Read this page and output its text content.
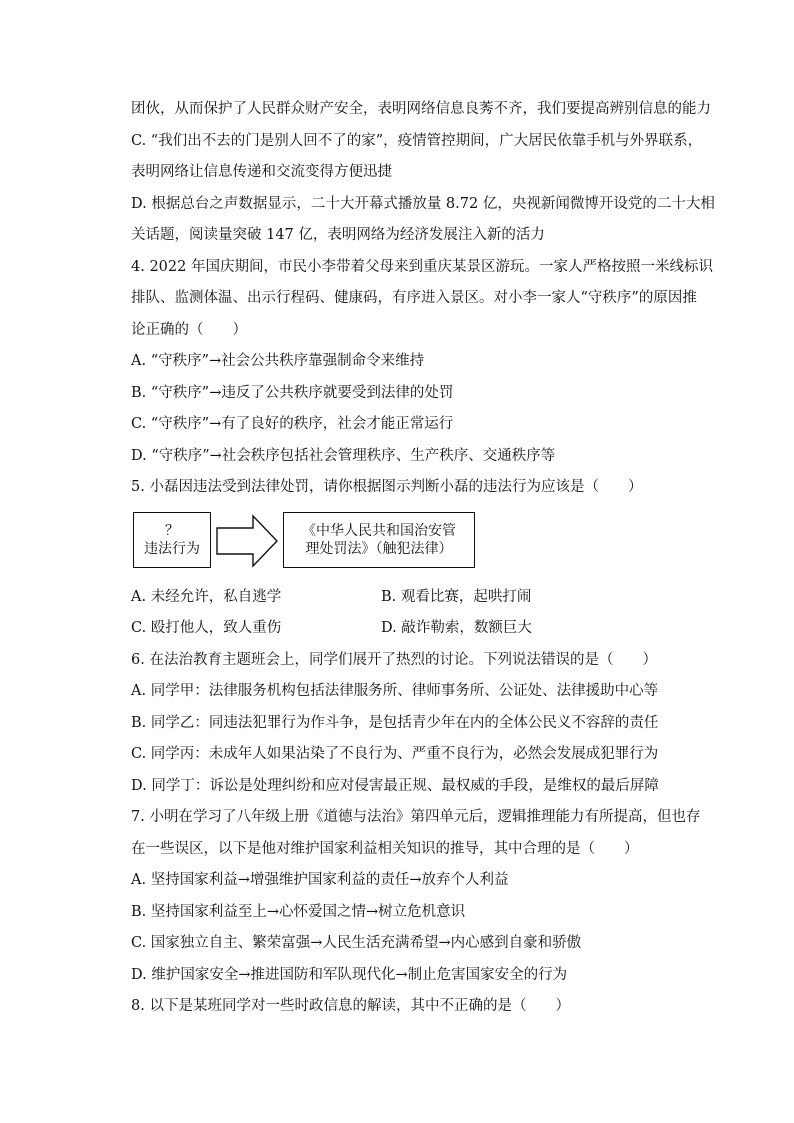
团伙，从而保护了人民群众财产安全，表明网络信息良莠不齐，我们要提高辨别信息的能力
C. “我们出不去的门是别人回不了的家”，疫情管控期间，广大居民依靠手机与外界联系，
表明网络让信息传递和交流变得方便迅捷
D. 根据总台之声数据显示，二十大开幕式播放量 8.72 亿，央视新闻微博开设党的二十大相
关话题，阅读量突破 147 亿，表明网络为经济发展注入新的活力
4. 2022 年国庆期间，市民小李带着父母来到重庆某景区游玩。一家人严格按照一米线标识
排队、监测体温、出示行程码、健康码，有序进入景区。对小李一家人“守秩序”的原因推
论正确的（　　）
A. “守秩序”→社会公共秩序靠强制命令来维持
B. “守秩序”→违反了公共秩序就要受到法律的处罚
C. “守秩序”→有了良好的秩序，社会才能正常运行
D. “守秩序”→社会秩序包括社会管理秩序、生产秩序、交通秩序等
5. 小磊因违法受到法律处罚，请你根据图示判断小磊的违法行为应该是（　　）
？
违法行为
《中华人民共和国治安管
理处罚法》（触犯法律）
A. 未经允许，私自逃学	B. 观看比赛，起哄打闹
C. 殴打他人，致人重伤	D. 敲诈勒索，数额巨大
6. 在法治教育主题班会上，同学们展开了热烈的讨论。下列说法错误的是（　　）
A. 同学甲：法律服务机构包括法律服务所、律师事务所、公证处、法律援助中心等
B. 同学乙：同违法犯罪行为作斗争，是包括青少年在内的全体公民义不容辞的责任
C. 同学丙：未成年人如果沾染了不良行为、严重不良行为，必然会发展成犯罪行为
D. 同学丁：诉讼是处理纠纷和应对侵害最正规、最权威的手段，是维权的最后屏障
7. 小明在学习了八年级上册《道德与法治》第四单元后，逻辑推理能力有所提高，但也存
在一些误区，以下是他对维护国家利益相关知识的推导，其中合理的是（　　）
A. 坚持国家利益→增强维护国家利益的责任→放弃个人利益
B. 坚持国家利益至上→心怀爱国之情→树立危机意识
C. 国家独立自主、繁荣富强→人民生活充满希望→内心感到自豪和骄傲
D. 维护国家安全→推进国防和军队现代化→制止危害国家安全的行为
8. 以下是某班同学对一些时政信息的解读，其中不正确的是（　　）
